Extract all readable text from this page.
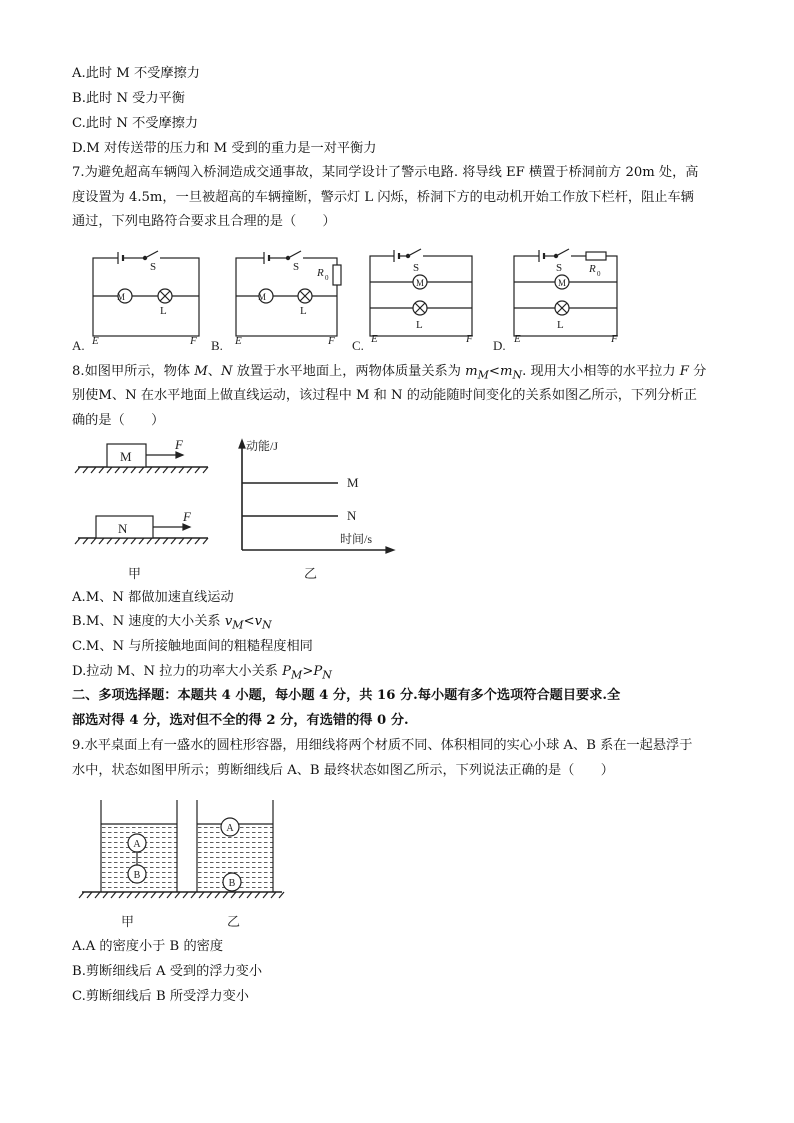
A.此时 M 不受摩擦力
B.此时 N 受力平衡
C.此时 N 不受摩擦力
D.M 对传送带的压力和 M 受到的重力是一对平衡力
7.为避免超高车辆闯入桥洞造成交通事故，某同学设计了警示电路. 将导线 EF 横置于桥洞前方 20m 处，高
度设置为 4.5m，一旦被超高的车辆撞断，警示灯 L 闪烁，桥洞下方的电动机开始工作放下栏杆，阻止车辆
通过，下列电路符合要求且合理的是（　　）
S
M
L
E	F
A.
S R 0
M
L
E	F
B.
S
M
L
E	F
C.
S R 0
M
L
E	F
D.
8.如图甲所示，物体 M、N 放置于水平地面上，两物体质量关系为 $m_M<m_N$. 现用大小相等的水平拉力 F 分
别使M、N 在水平地面上做直线运动，该过程中 M 和 N 的动能随时间变化的关系如图乙所示，下列分析正
确的是（　　）
M
F
N
F
动能/J
时间/s
M
N
甲	乙
A.M、N 都做加速直线运动
B.M、N 速度的大小关系 $v_M<v_N$
C.M、N 与所接触地面间的粗糙程度相同
D.拉动 M、N 拉力的功率大小关系 $P_M>P_N$
二、多项选择题：本题共 4 小题，每小题 4 分，共 16 分.每小题有多个选项符合题目要求.全
部选对得 4 分，选对但不全的得 2 分，有选错的得 0 分.
9.水平桌面上有一盛水的圆柱形容器，用细线将两个材质不同、体积相同的实心小球 A、B 系在一起悬浮于
水中，状态如图甲所示；剪断细线后 A、B 最终状态如图乙所示，下列说法正确的是（　　）
A
B
A
B
甲	乙
A.A 的密度小于 B 的密度
B.剪断细线后 A 受到的浮力变小
C.剪断细线后 B 所受浮力变小
